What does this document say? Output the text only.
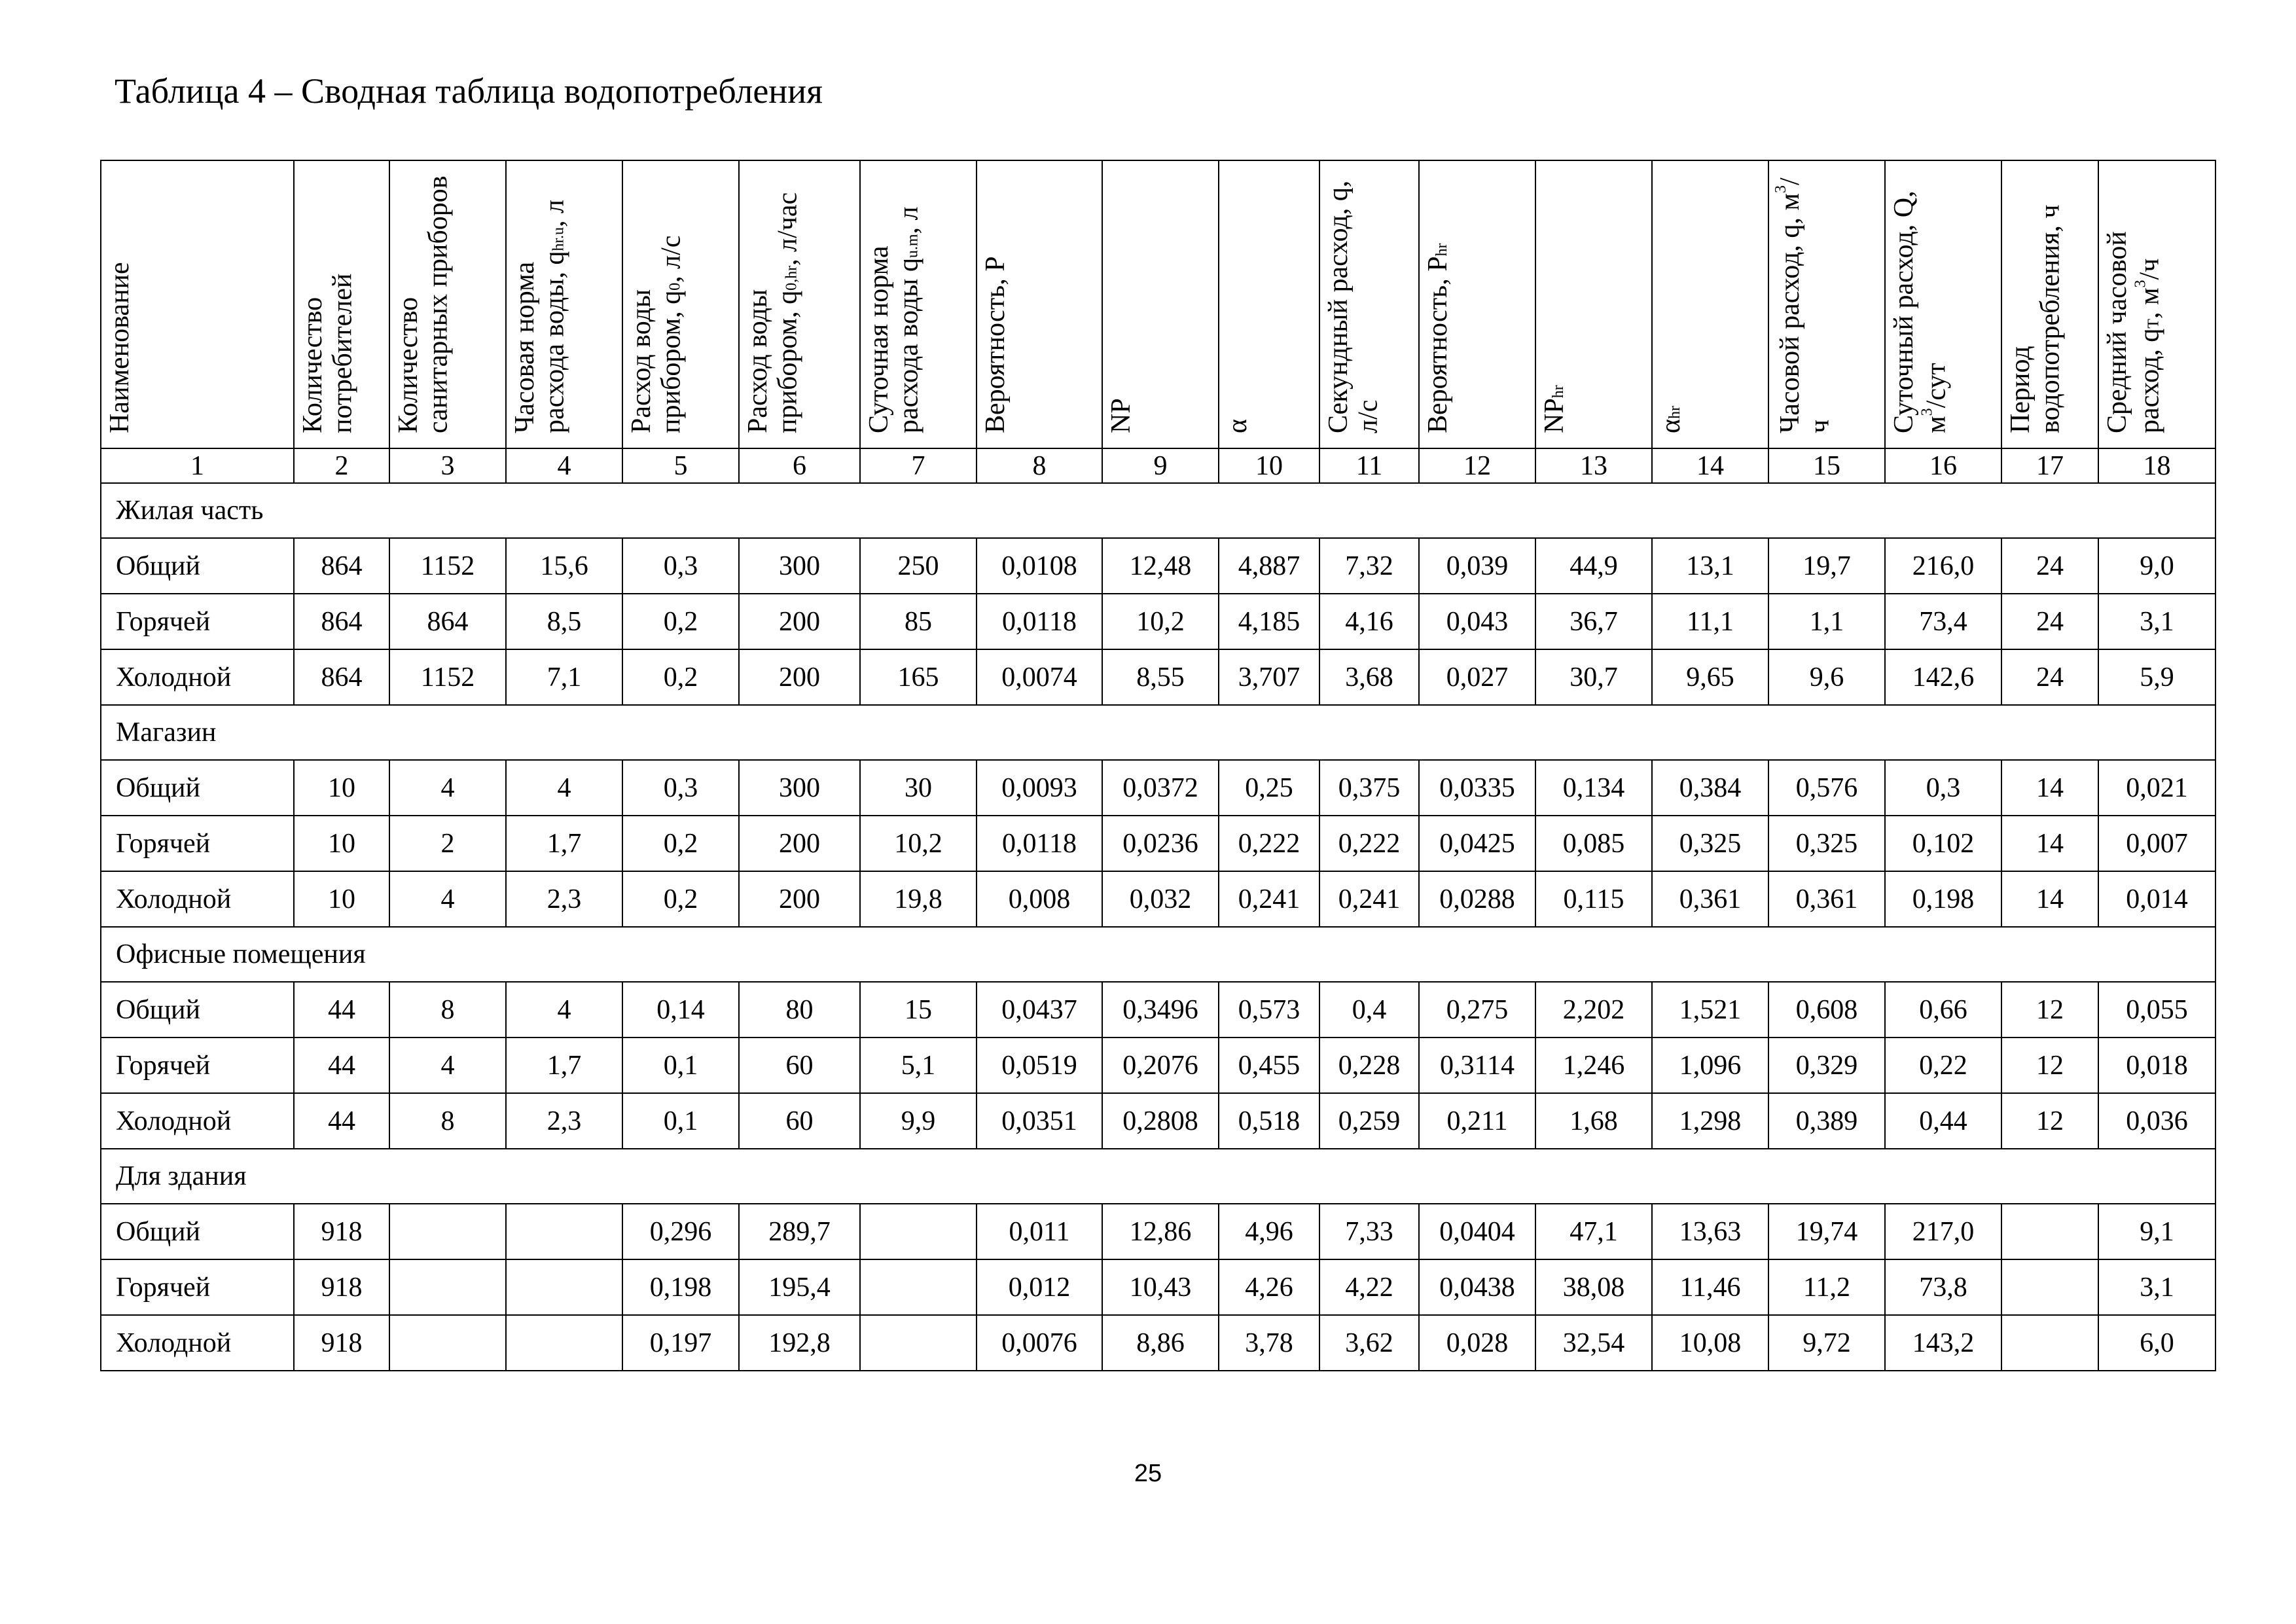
Таблица 4 – Сводная таблица водопотребления
Наименование	Количество потребителей	Количество санитарных приборов	Часовая норма расхода воды, $q_{hr.u}$, л	Расход воды прибором, $q_0$, л/с	Расход воды прибором, $q_{0,hr}$, л/час	Суточная норма расхода воды $q_{u.m}$, л	Вероятность, P	NP	α	Секундный расход, q, л/с	Вероятность, $P_{hr}$	$NP_{hr}$	$\alpha_{hr}$	Часовой расход, q, $м^3/ч$	Суточный расход, Q, $м^3$/сут	Период водопотребления, ч	Средний часовой расход, $q_T$, $м^3/ч$

1	2	3	4	5	6	7	8	9	10	11	12	13	14	15	16	17	18
Жилая часть																	
Общий	864	1152	15,6	0,3	300	250	0,0108	12,48	4,887	7,32	0,039	44,9	13,1	19,7	216,0	24	9,0
Горячей	864	864	8,5	0,2	200	85	0,0118	10,2	4,185	4,16	0,043	36,7	11,1	1,1	73,4	24	3,1
Холодной	864	1152	7,1	0,2	200	165	0,0074	8,55	3,707	3,68	0,027	30,7	9,65	9,6	142,6	24	5,9
Магазин																	
Общий	10	4	4	0,3	300	30	0,0093	0,0372	0,25	0,375	0,0335	0,134	0,384	0,576	0,3	14	0,021
Горячей	10	2	1,7	0,2	200	10,2	0,0118	0,0236	0,222	0,222	0,0425	0,085	0,325	0,325	0,102	14	0,007
Холодной	10	4	2,3	0,2	200	19,8	0,008	0,032	0,241	0,241	0,0288	0,115	0,361	0,361	0,198	14	0,014
Офисные помещения																	
Общий	44	8	4	0,14	80	15	0,0437	0,3496	0,573	0,4	0,275	2,202	1,521	0,608	0,66	12	0,055
Горячей	44	4	1,7	0,1	60	5,1	0,0519	0,2076	0,455	0,228	0,3114	1,246	1,096	0,329	0,22	12	0,018
Холодной	44	8	2,3	0,1	60	9,9	0,0351	0,2808	0,518	0,259	0,211	1,68	1,298	0,389	0,44	12	0,036
Для здания																	
Общий	918			0,296	289,7		0,011	12,86	4,96	7,33	0,0404	47,1	13,63	19,74	217,0		9,1
Горячей	918			0,198	195,4		0,012	10,43	4,26	4,22	0,0438	38,08	11,46	11,2	73,8		3,1
Холодной	918			0,197	192,8		0,0076	8,86	3,78	3,62	0,028	32,54	10,08	9,72	143,2		6,0
25
